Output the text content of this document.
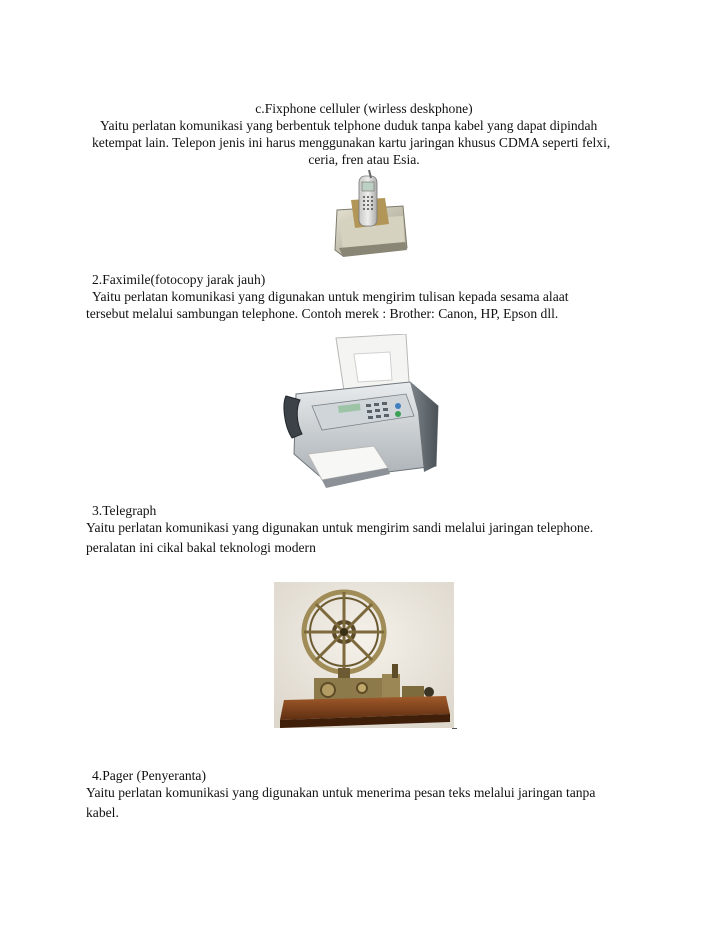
c.Fixphone celluler (wirless deskphone)
Yaitu perlatan komunikasi yang berbentuk telphone duduk tanpa kabel yang dapat dipindah
ketempat lain. Telepon jenis ini harus menggunakan kartu jaringan khusus CDMA seperti felxi,
ceria, fren atau Esia.
2.Faximile(fotocopy jarak jauh)
Yaitu perlatan komunikasi yang digunakan untuk mengirim tulisan kepada sesama alaat
tersebut melalui sambungan telephone. Contoh merek : Brother: Canon, HP, Epson dll.
3.Telegraph
Yaitu perlatan komunikasi yang digunakan untuk mengirim sandi melalui jaringan telephone.
peralatan ini cikal bakal teknologi modern
4.Pager (Penyeranta)
Yaitu perlatan komunikasi yang digunakan untuk menerima pesan teks melalui jaringan tanpa
kabel.
